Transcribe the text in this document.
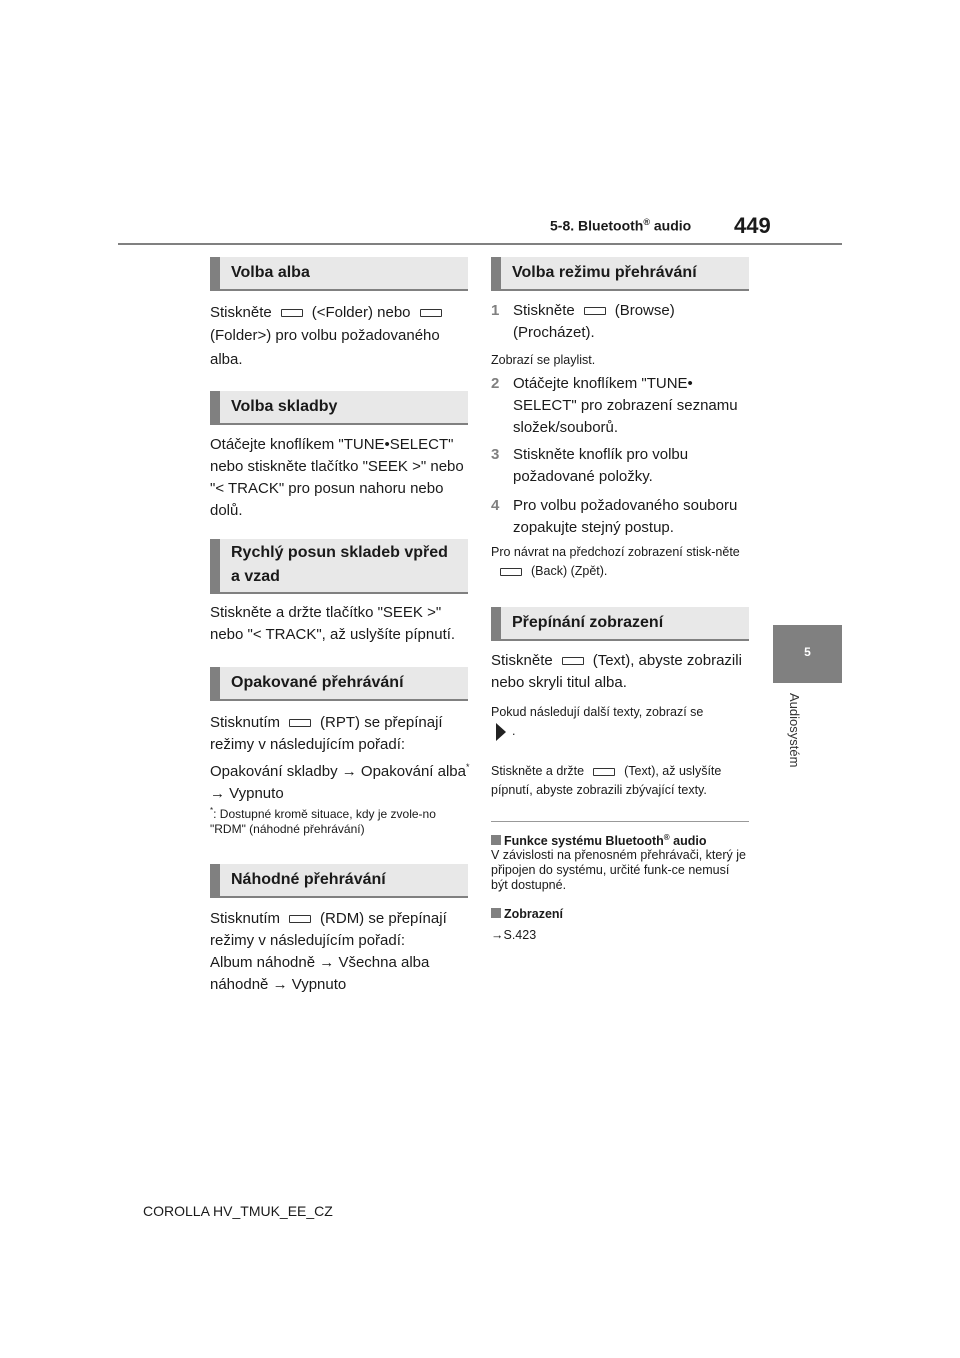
5-8. Bluetooth® audio 449
5
Audiosystém
Volba alba

Stiskněte	(<Folder) nebo
(Folder>) pro volbu požadovaného alba.

Volba skladby

Otáčejte knoflíkem "TUNE•SELECT" nebo stiskněte tlačítko "SEEK >" nebo "< TRACK" pro posun nahoru nebo dolů.

Rychlý posun skladeb vpřed a vzad

Stiskněte a držte tlačítko "SEEK >" nebo "< TRACK", až uslyšíte pípnutí.

Opakované přehrávání

Stisknutím	(RPT) se přepínají režimy v následujícím pořadí:
Opakování skladby → Opakování alba* → Vypnuto

*: Dostupné kromě situace, kdy je zvole-no "RDM" (náhodné přehrávání)

Náhodné přehrávání

Stisknutím	(RDM) se přepínají režimy v následujícím pořadí:
Album náhodně → Všechna alba náhodně → Vypnuto

Volba režimu přehrávání
1 Stiskněte	(Browse) (Procházet).

Zobrazí se playlist.

2 Otáčejte knoflíkem "TUNE• SELECT" pro zobrazení seznamu složek/souborů.
3 Stiskněte knoflík pro volbu požadované položky.
4 Pro volbu požadovaného souboru zopakujte stejný postup.

Pro návrat na předchozí zobrazení stisk-něte(Back) (Zpět).

Přepínání zobrazení

Stiskněte	(Text), abyste zobrazili nebo skryli titul alba.

Pokud následují další texty, zobrazí se
.

Stiskněte a držte	(Text), až uslyšíte pípnutí, abyste zobrazili zbývající texty.

Funkce systému Bluetooth® audio

V závislosti na přenosném přehrávači, který je připojen do systému, určité funk-ce nemusí být dostupné.

Zobrazení

→S.423

COROLLA HV_TMUK_EE_CZ
